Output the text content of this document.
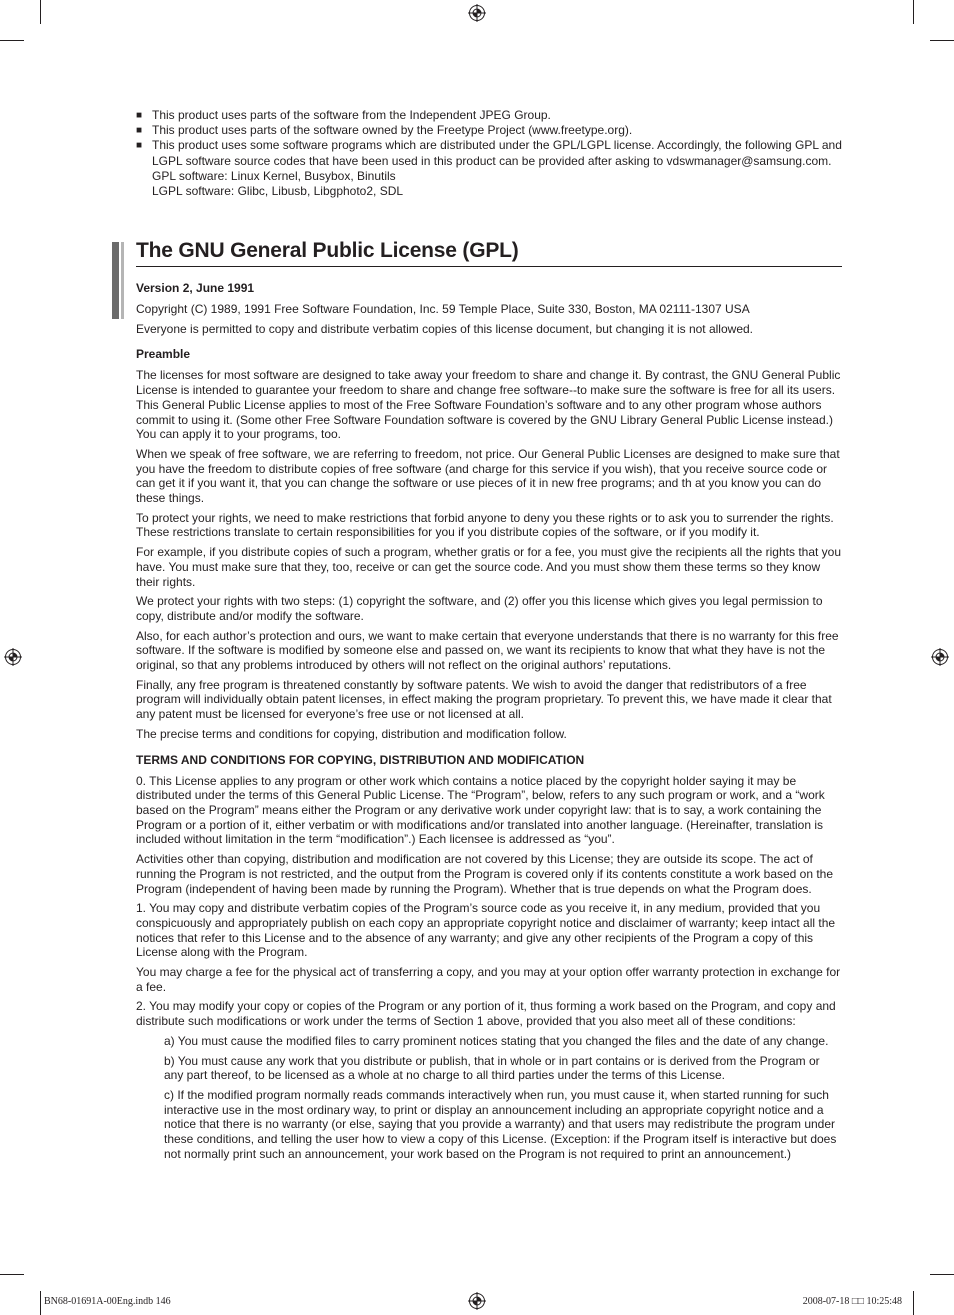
■ This product uses parts of the software from the Independent JPEG Group.
■ This product uses parts of the software owned by the Freetype Project (www.freetype.org).
■ This product uses some software programs which are distributed under the GPL/LGPL license. Accordingly, the following GPL and LGPL software source codes that have been used in this product can be provided after asking to vdswmanager@samsung.com.
GPL software: Linux Kernel, Busybox, Binutils
LGPL software: Glibc, Libusb, Libgphoto2, SDL
The GNU General Public License (GPL)
Version 2, June 1991

Copyright (C) 1989, 1991 Free Software Foundation, Inc. 59 Temple Place, Suite 330, Boston, MA 02111-1307 USA

Everyone is permitted to copy and distribute verbatim copies of this license document, but changing it is not allowed.

Preamble

The licenses for most software are designed to take away your freedom to share and change it. By contrast, the GNU General Public License is intended to guarantee your freedom to share and change free software--to make sure the software is free for all its users. This General Public License applies to most of the Free Software Foundation’s software and to any other program whose authors commit to using it. (Some other Free Software Foundation software is covered by the GNU Library General Public License instead.) You can apply it to your programs, too.

When we speak of free software, we are referring to freedom, not price. Our General Public Licenses are designed to make sure that you have the freedom to distribute copies of free software (and charge for this service if you wish), that you receive source code or can get it if you want it, that you can change the software or use pieces of it in new free programs; and th at you know you can do these things.

To protect your rights, we need to make restrictions that forbid anyone to deny you these rights or to ask you to surrender the rights. These restrictions translate to certain responsibilities for you if you distribute copies of the software, or if you modify it.

For example, if you distribute copies of such a program, whether gratis or for a fee, you must give the recipients all the rights that you have. You must make sure that they, too, receive or can get the source code. And you must show them these terms so they know their rights.

We protect your rights with two steps: (1) copyright the software, and (2) offer you this license which gives you legal permission to copy, distribute and/or modify the software.

Also, for each author’s protection and ours, we want to make certain that everyone understands that there is no warranty for this free software. If the software is modified by someone else and passed on, we want its recipients to know that what they have is not the original, so that any problems introduced by others will not reflect on the original authors’ reputations.

Finally, any free program is threatened constantly by software patents. We wish to avoid the danger that redistributors of a free program will individually obtain patent licenses, in effect making the program proprietary. To prevent this, we have made it clear that any patent must be licensed for everyone’s free use or not licensed at all.

The precise terms and conditions for copying, distribution and modification follow.

TERMS AND CONDITIONS FOR COPYING, DISTRIBUTION AND MODIFICATION

0. This License applies to any program or other work which contains a notice placed by the copyright holder saying it may be distributed under the terms of this General Public License. The “Program”, below, refers to any such program or work, and a “work based on the Program” means either the Program or any derivative work under copyright law: that is to say, a work containing the Program or a portion of it, either verbatim or with modifications and/or translated into another language. (Hereinafter, translation is included without limitation in the term “modification”.) Each licensee is addressed as “you”.

Activities other than copying, distribution and modification are not covered by this License; they are outside its scope. The act of running the Program is not restricted, and the output from the Program is covered only if its contents constitute a work based on the Program (independent of having been made by running the Program). Whether that is true depends on what the Program does.

1. You may copy and distribute verbatim copies of the Program’s source code as you receive it, in any medium, provided that you conspicuously and appropriately publish on each copy an appropriate copyright notice and disclaimer of warranty; keep intact all the notices that refer to this License and to the absence of any warranty; and give any other recipients of the Program a copy of this License along with the Program.

You may charge a fee for the physical act of transferring a copy, and you may at your option offer warranty protection in exchange for a fee.

2. You may modify your copy or copies of the Program or any portion of it, thus forming a work based on the Program, and copy and distribute such modifications or work under the terms of Section 1 above, provided that you also meet all of these conditions:

a) You must cause the modified files to carry prominent notices stating that you changed the files and the date of any change.

b) You must cause any work that you distribute or publish, that in whole or in part contains or is derived from the Program or any part thereof, to be licensed as a whole at no charge to all third parties under the terms of this License.

c) If the modified program normally reads commands interactively when run, you must cause it, when started running for such interactive use in the most ordinary way, to print or display an announcement including an appropriate copyright notice and a notice that there is no warranty (or else, saying that you provide a warranty) and that users may redistribute the program under these conditions, and telling the user how to view a copy of this License. (Exception: if the Program itself is interactive but does not normally print such an announcement, your work based on the Program is not required to print an announcement.)

BN68-01691A-00Eng.indb 146	2008-07-18 □□ 10:25:48
